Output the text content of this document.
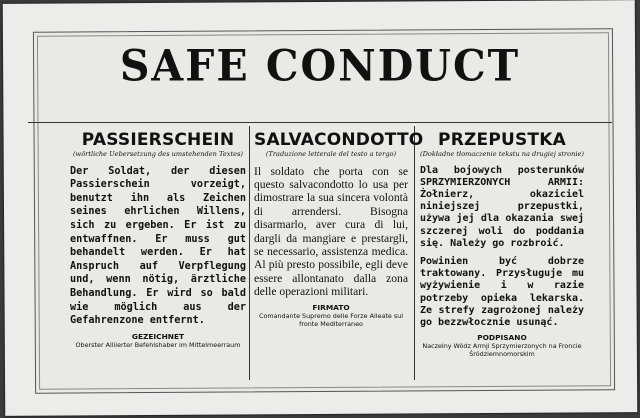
SAFE CONDUCT
PASSIERSCHEIN
(wörtliche Uebersetzung des umstehenden Textes)
Der Soldat, der diesen Passierschein vorzeigt, benutzt ihn als Zeichen seines ehrlichen Willens, sich zu ergeben. Er ist zu entwaffnen. Er muss gut behandelt werden. Er hat Anspruch auf Verpflegung und, wenn nötig, ärztliche Behandlung. Er wird so bald wie möglich aus der Gefahrenzone entfernt.
GEZEICHNET
Oberster Alliierter Befehlshaber im Mittelmeerraum
SALVACONDOTTO
(Traduzione letterale del testo a tergo)
Il soldato che porta con se questo salvacondotto lo usa per dimostrare la sua sincera volontà di arrendersi. Bisogna disarmarlo, aver cura di lui, dargli da mangiare e prestargli, se necessario, assistenza medica. Al più presto possibile, egli deve essere allontanato dalla zona delle operazioni militari.
FIRMATO
Comandante Supremo delle Forze Alleate sul fronte Mediterraneo
PRZEPUSTKA
(Dokładne tłomaczenie tekstu na drugiej stronie)
Dla bojowych posterunków SPRZYMIERZONYCH ARMII: Żołnierz, okaziciel niniejszej przepustki, używa jej dla okazania swej szczerej woli do poddania się. Należy go rozbroić.
Powinien być dobrze traktowany. Przysługuje mu wyżywienie i w razie potrzeby opieka lekarska. Ze strefy zagrożonej należy go bezzwłocznie usunąć.
PODPISANO
Naczelny Wódz Armji Sprzymierzonych na Froncie Śródziemnomorskim
